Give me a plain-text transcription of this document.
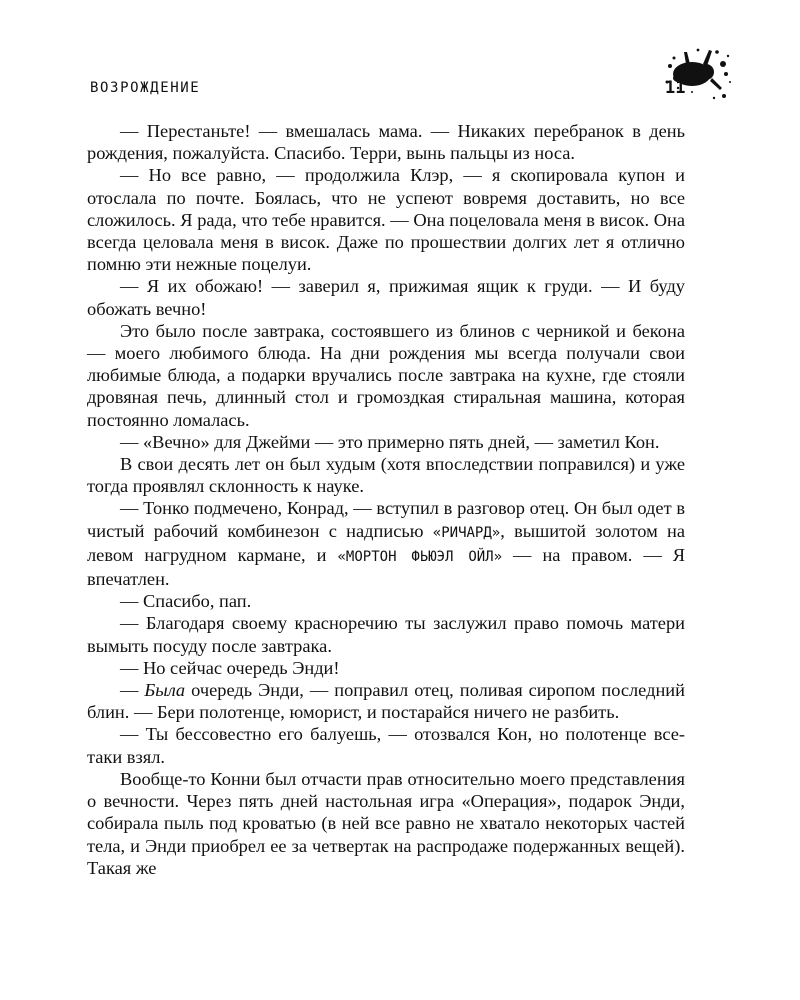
ВОЗРОЖДЕНИЕ	11

— Перестаньте! — вмешалась мама. — Никаких перебранок в день рождения, пожалуйста. Спасибо. Терри, вынь пальцы из носа.

— Но все равно, — продолжила Клэр, — я скопировала купон и отослала по почте. Боялась, что не успеют вовремя доставить, но все сложилось. Я рада, что тебе нравится. — Она поцеловала меня в висок. Она всегда целовала меня в висок. Даже по прошествии долгих лет я отлично помню эти нежные поцелуи.

— Я их обожаю! — заверил я, прижимая ящик к груди. — И буду обожать вечно!

Это было после завтрака, состоявшего из блинов с черникой и бекона — моего любимого блюда. На дни рождения мы всегда получали свои любимые блюда, а подарки вручались после завтрака на кухне, где стояли дровяная печь, длинный стол и громоздкая стиральная машина, которая постоянно ломалась.

— «Вечно» для Джейми — это примерно пять дней, — заметил Кон.

В свои десять лет он был худым (хотя впоследствии поправился) и уже тогда проявлял склонность к науке.

— Тонко подмечено, Конрад, — вступил в разговор отец. Он был одет в чистый рабочий комбинезон с надписью «РИЧАРД», вышитой золотом на левом нагрудном кармане, и «МОРТОН ФЬЮЭЛ ОЙЛ» — на правом. — Я впечатлен.

— Спасибо, пап.

— Благодаря своему красноречию ты заслужил право помочь матери вымыть посуду после завтрака.

— Но сейчас очередь Энди!

— Была очередь Энди, — поправил отец, поливая сиропом последний блин. — Бери полотенце, юморист, и постарайся ничего не разбить.

— Ты бессовестно его балуешь, — отозвался Кон, но полотенце все-таки взял.

Вообще-то Конни был отчасти прав относительно моего представления о вечности. Через пять дней настольная игра «Операция», подарок Энди, собирала пыль под кроватью (в ней все равно не хватало некоторых частей тела, и Энди приобрел ее за четвертак на распродаже подержанных вещей). Такая же
